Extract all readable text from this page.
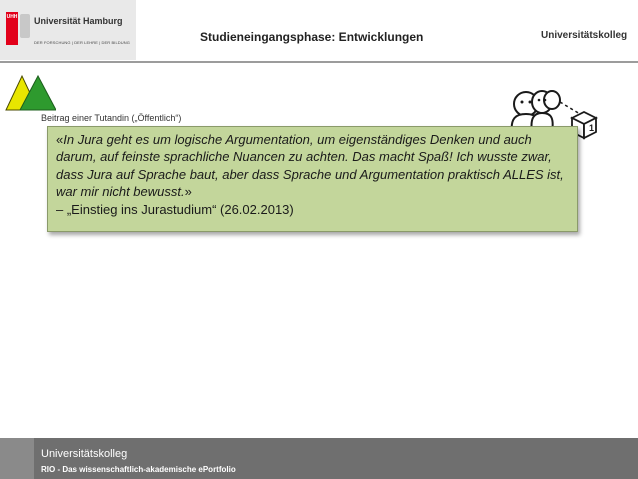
UHH Universität Hamburg
DER FORSCHUNG | DER LEHRE | DER BILDUNG	Studieneingangsphase: Entwicklungen	Universitätskolleg
Beitrag einer Tutandin („Öffentlich“)
1
«In Jura geht es um logische Argumentation, um eigenständiges Denken und auch darum, auf feinste sprachliche Nuancen zu achten. Das macht Spaß! Ich wusste zwar, dass Jura auf Sprache baut, aber dass Sprache und Argumentation praktisch ALLES ist, war mir nicht bewusst.»
– „Einstieg ins Jurastudium“ (26.02.2013)
Universitätskolleg
RIO - Das wissenschaftlich-akademische ePortfolio
